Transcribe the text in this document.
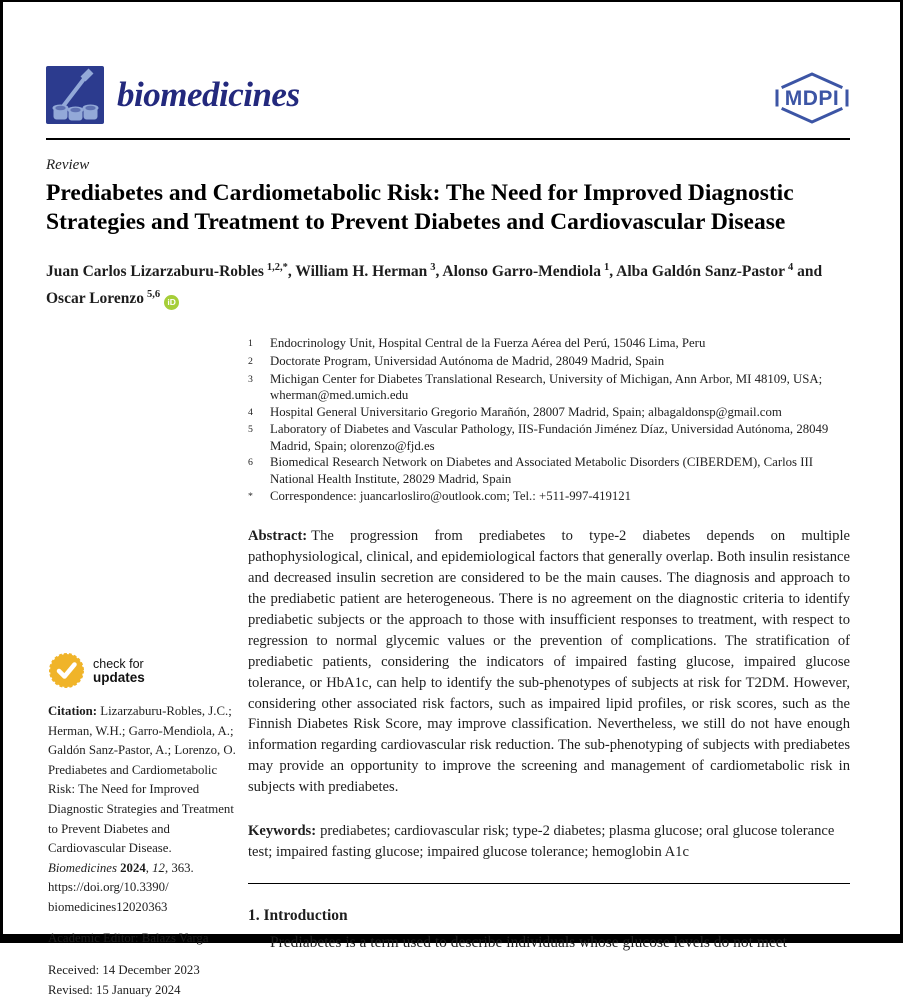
biomedicines	MDPI
Review
Prediabetes and Cardiometabolic Risk: The Need for Improved Diagnostic Strategies and Treatment to Prevent Diabetes and Cardiovascular Disease
Juan Carlos Lizarzaburu-Robles $^{1,2,*}$, William H. Herman $^3$, Alonso Garro-Mendiola $^1$, Alba Galdón Sanz-Pastor $^4$ and Oscar Lorenzo $^{5,6}$iD
1	Endocrinology Unit, Hospital Central de la Fuerza Aérea del Perú, 15046 Lima, Peru
2	Doctorate Program, Universidad Autónoma de Madrid, 28049 Madrid, Spain
3	Michigan Center for Diabetes Translational Research, University of Michigan, Ann Arbor, MI 48109, USA; wherman@med.umich.edu
4	Hospital General Universitario Gregorio Marañón, 28007 Madrid, Spain; albagaldonsp@gmail.com
5	Laboratory of Diabetes and Vascular Pathology, IIS-Fundación Jiménez Díaz, Universidad Autónoma, 28049 Madrid, Spain; olorenzo@fjd.es
6	Biomedical Research Network on Diabetes and Associated Metabolic Disorders (CIBERDEM), Carlos III National Health Institute, 28029 Madrid, Spain
*	Correspondence: juancarlosliro@outlook.com; Tel.: +511-997-419121
Abstract: The progression from prediabetes to type-2 diabetes depends on multiple pathophysiological, clinical, and epidemiological factors that generally overlap. Both insulin resistance and decreased insulin secretion are considered to be the main causes. The diagnosis and approach to the prediabetic patient are heterogeneous. There is no agreement on the diagnostic criteria to identify prediabetic subjects or the approach to those with insufficient responses to treatment, with respect to regression to normal glycemic values or the prevention of complications. The stratification of prediabetic patients, considering the indicators of impaired fasting glucose, impaired glucose tolerance, or HbA1c, can help to identify the sub-phenotypes of subjects at risk for T2DM. However, considering other associated risk factors, such as impaired lipid profiles, or risk scores, such as the Finnish Diabetes Risk Score, may improve classification. Nevertheless, we still do not have enough information regarding cardiovascular risk reduction. The sub-phenotyping of subjects with prediabetes may provide an opportunity to improve the screening and management of cardiometabolic risk in subjects with prediabetes.
Keywords: prediabetes; cardiovascular risk; type-2 diabetes; plasma glucose; oral glucose tolerance test; impaired fasting glucose; impaired glucose tolerance; hemoglobin A1c
1. Introduction
Prediabetes is a term used to describe individuals whose glucose levels do not meet
check for
updates
Citation: Lizarzaburu-Robles, J.C.; Herman, W.H.; Garro-Mendiola, A.; Galdón Sanz-Pastor, A.; Lorenzo, O. Prediabetes and Cardiometabolic Risk: The Need for Improved Diagnostic Strategies and Treatment to Prevent Diabetes and Cardiovascular Disease. Biomedicines 2024, 12, 363.
https://doi.org/10.3390/
biomedicines12020363
Academic Editor: Balazs Varga
Received: 14 December 2023
Revised: 15 January 2024
